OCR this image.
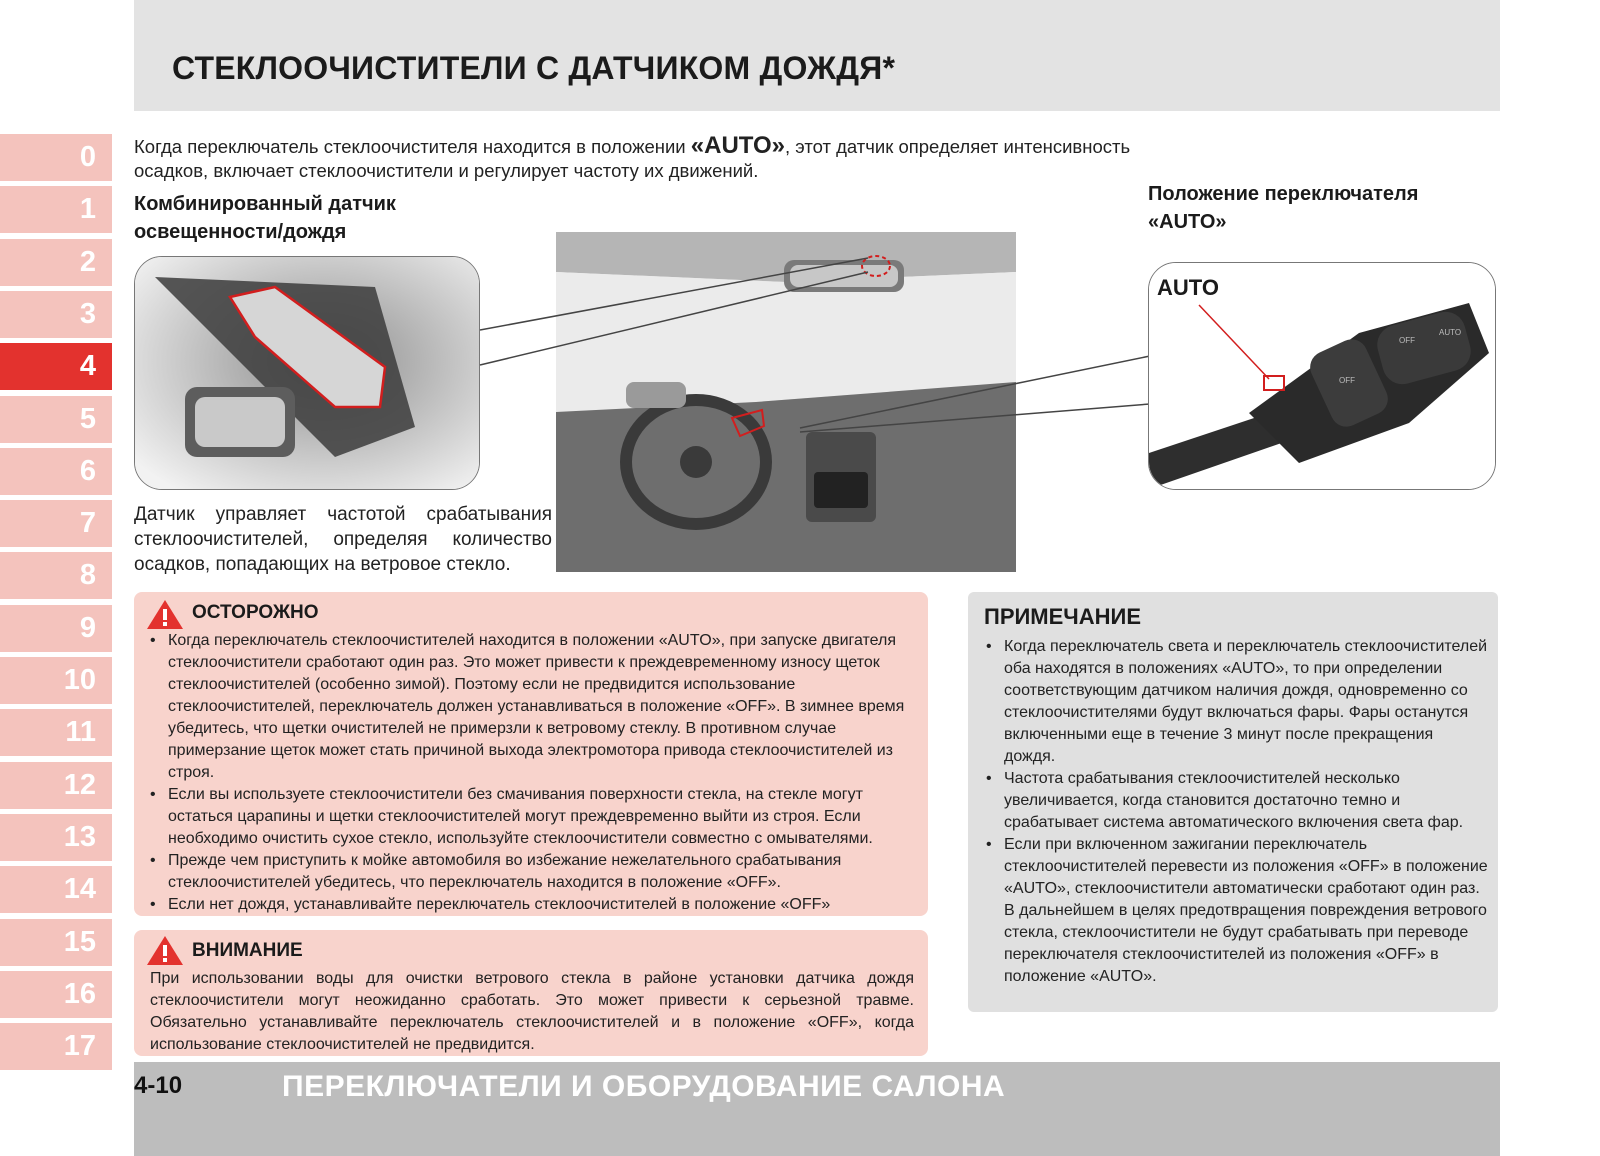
СТЕКЛООЧИСТИТЕЛИ С ДАТЧИКОМ ДОЖДЯ*
0
1
2
3
4
5
6
7
8
9
10
11
12
13
14
15
16
17
Когда переключатель стеклоочистителя находится в положении «AUTO», этот датчик определяет интенсивность осадков, включает стеклоочистители и регулирует частоту их движений.
Комбинированный датчик
освещенности/дождя
Положение переключателя
«AUTO»
OFF
OFF
AUTO
AUTO
Датчик управляет частотой срабатывания стеклоочистителей, определяя количество осадков, попадающих на ветровое стекло.
ОСТОРОЖНО
• Когда переключатель стеклоочистителей находится в положении «AUTO», при запуске двигателя стеклоочистители сработают один раз. Это может привести к преждевременному износу щеток стеклоочистителей (особенно зимой). Поэтому если не предвидится использование стеклоочистителей, переключатель должен устанавливаться в положение «OFF». В зимнее время убедитесь, что щетки очистителей не примерзли к ветровому стеклу. В противном случае примерзание щеток может стать причиной выхода электромотора привода стеклоочистителей из строя.
• Если вы используете стеклоочистители без смачивания поверхности стекла, на стекле могут остаться царапины и щетки стеклоочистителей могут преждевременно выйти из строя. Если необходимо очистить сухое стекло, используйте стеклоочистители совместно с омывателями.
• Прежде чем приступить к мойке автомобиля во избежание нежелательного срабатывания стеклоочистителей убедитесь, что переключатель находится в положение «OFF».
• Если нет дождя, устанавливайте переключатель стеклоочистителей в положение «OFF»
ВНИМАНИЕ
При использовании воды для очистки ветрового стекла в районе установки датчика дождя стеклоочистители могут неожиданно сработать. Это может привести к серьезной травме. Обязательно устанавливайте переключатель стеклоочистителей и в положение «OFF», когда использование стеклоочистителей не предвидится.
ПРИМЕЧАНИЕ
• Когда переключатель света и переключатель стеклоочистителей оба находятся в положениях «AUTO», то при определении соответствующим датчиком наличия дождя, одновременно со стеклоочистителями будут включаться фары. Фары останутся включенными еще в течение 3 минут после прекращения дождя.
• Частота срабатывания стеклоочистителей несколько увеличивается, когда становится достаточно темно и срабатывает система автоматического включения света фар.
• Если при включенном зажигании переключатель стеклоочистителей перевести из положения «OFF» в положение «AUTO», стеклоочистители автоматически сработают один раз. В дальнейшем в целях предотвращения повреждения ветрового стекла, стеклоочистители не будут срабатывать при переводе переключателя стеклоочистителей из положения «OFF» в положение «AUTO».
4-10	ПЕРЕКЛЮЧАТЕЛИ И ОБОРУДОВАНИЕ САЛОНА
